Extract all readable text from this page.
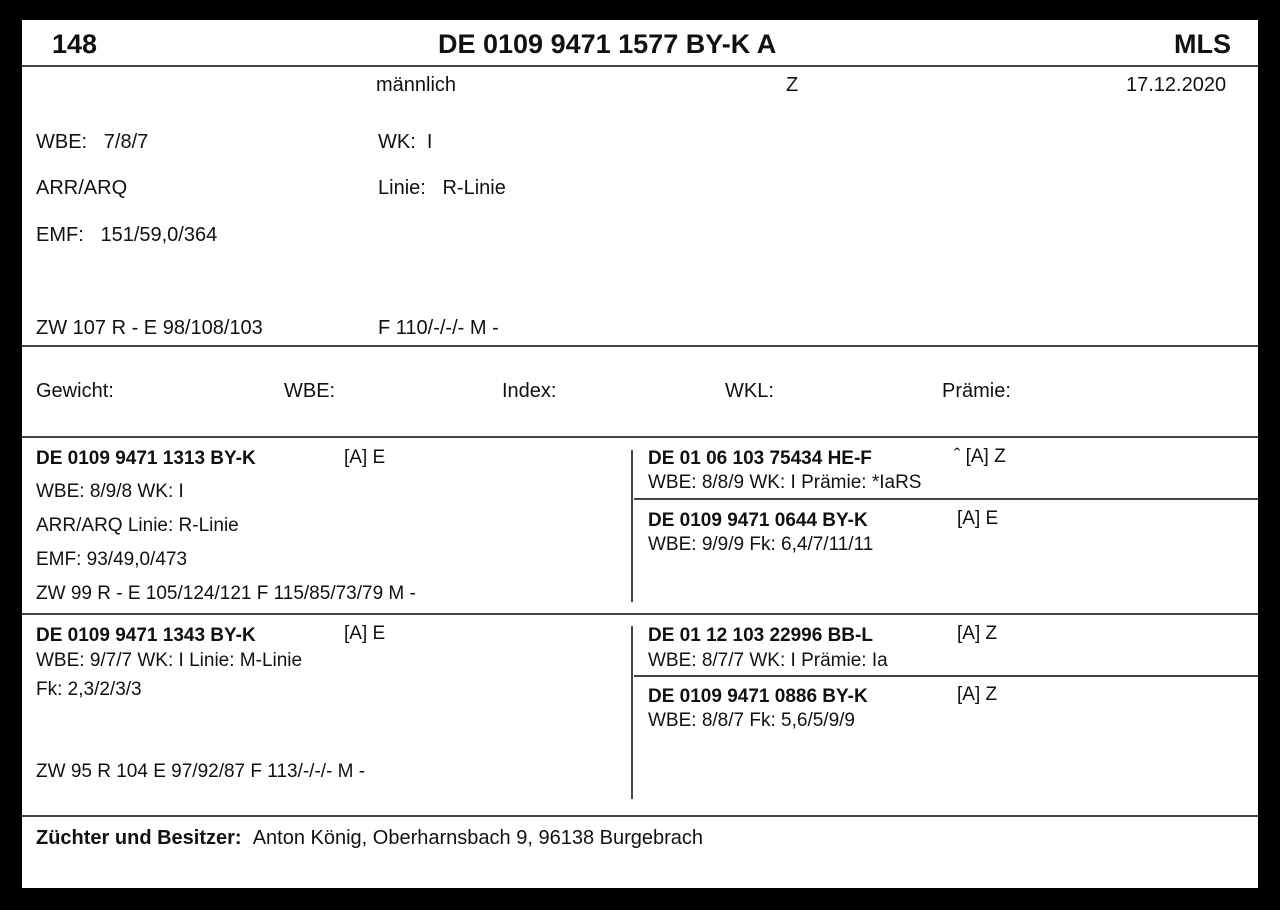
148	DE 0109 9471 1577 BY-K A	MLS
männlich	Z	17.12.2020
WBE: 7/8/7	WK: I
ARR/ARQ	Linie: R-Linie
EMF: 151/59,0/364
ZW 107 R - E 98/108/103	F 110/-/-/- M -
Gewicht:	WBE:	Index:	WKL:	Prämie:
DE 0109 9471 1313 BY-K	[A] E
WBE: 8/9/8 WK: I
ARR/ARQ Linie: R-Linie
EMF: 93/49,0/473
ZW 99 R - E 105/124/121 F 115/85/73/79 M -
DE 01 06 103 75434 HE-F	ˆ [A] Z
WBE: 8/8/9 WK: I Prämie: *IaRS
DE 0109 9471 0644 BY-K	[A] E
WBE: 9/9/9 Fk: 6,4/7/11/11
DE 0109 9471 1343 BY-K	[A] E
WBE: 9/7/7 WK: I Linie: M-Linie
Fk: 2,3/2/3/3
ZW 95 R 104 E 97/92/87 F 113/-/-/- M -
DE 01 12 103 22996 BB-L	[A] Z
WBE: 8/7/7 WK: I Prämie: Ia
DE 0109 9471 0886 BY-K	[A] Z
WBE: 8/8/7 Fk: 5,6/5/9/9
Züchter und Besitzer: Anton König, Oberharnsbach 9, 96138 Burgebrach
